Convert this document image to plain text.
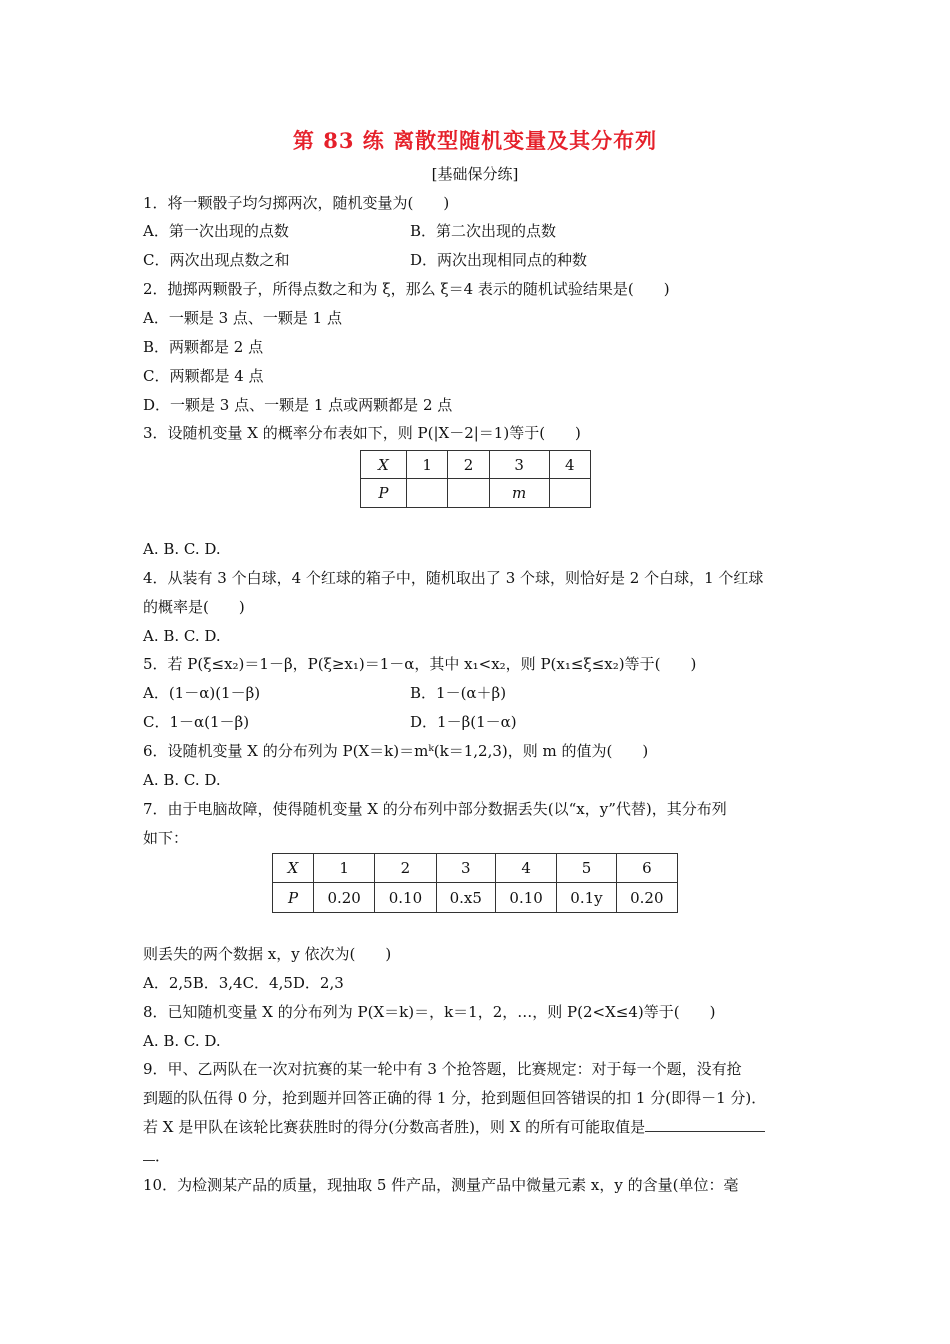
第 83 练 离散型随机变量及其分布列
[基础保分练]
1．将一颗骰子均匀掷两次，随机变量为(　　)
A．第一次出现的点数	B．第二次出现的点数
C．两次出现点数之和	D．两次出现相同点的种数
2．抛掷两颗骰子，所得点数之和为 ξ，那么 ξ＝4 表示的随机试验结果是(　　)
A．一颗是 3 点、一颗是 1 点
B．两颗都是 2 点
C．两颗都是 4 点
D．一颗是 3 点、一颗是 1 点或两颗都是 2 点
3．设随机变量 X 的概率分布表如下，则 P(|X－2|＝1)等于(　　)
X	1	2	3	4
P			m	
A. B. C. D.
4．从装有 3 个白球，4 个红球的箱子中，随机取出了 3 个球，则恰好是 2 个白球，1 个红球
的概率是(　　)
A. B. C. D.
5．若 P(ξ≤x₂)＝1－β，P(ξ≥x₁)＝1－α，其中 x₁<x₂，则 P(x₁≤ξ≤x₂)等于(　　)
A．(1－α)(1－β)	B．1－(α＋β)
C．1－α(1－β)	D．1－β(1－α)
6．设随机变量 X 的分布列为 P(X＝k)＝mᵏ(k＝1,2,3)，则 m 的值为(　　)
A. B. C. D.
7．由于电脑故障，使得随机变量 X 的分布列中部分数据丢失(以“x，y”代替)，其分布列
如下：
X	1	2	3	4	5	6
P	0.20	0.10	0.x5	0.10	0.1y	0.20
则丢失的两个数据 x，y 依次为(　　)
A．2,5B．3,4C．4,5D．2,3
8．已知随机变量 X 的分布列为 P(X＝k)＝，k＝1，2，…，则 P(2<X≤4)等于(　　)
A. B. C. D.
9．甲、乙两队在一次对抗赛的某一轮中有 3 个抢答题，比赛规定：对于每一个题，没有抢
到题的队伍得 0 分，抢到题并回答正确的得 1 分，抢到题但回答错误的扣 1 分(即得－1 分)．
若 X 是甲队在该轮比赛获胜时的得分(分数高者胜)，则 X 的所有可能取值是
．
10．为检测某产品的质量，现抽取 5 件产品，测量产品中微量元素 x，y 的含量(单位：毫
